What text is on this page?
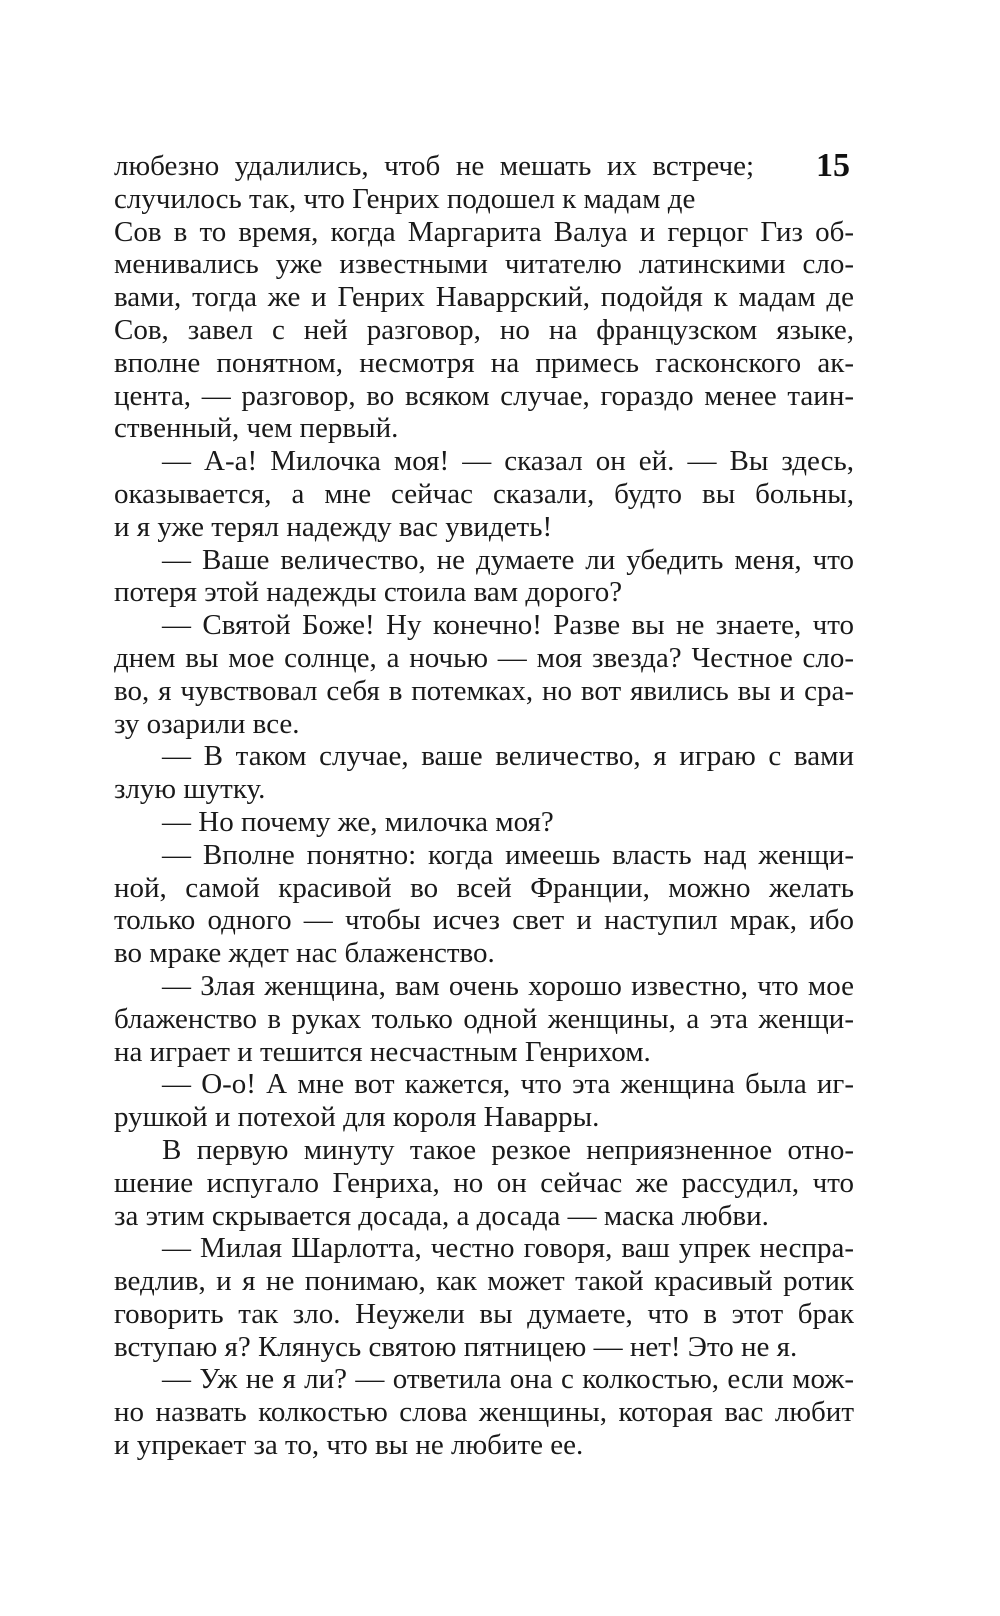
15
любезно удалились, чтоб не мешать их встрече;
случилось так, что Генрих подошел к мадам де
Сов в то время, когда Маргарита Валуа и герцог Гиз об-
менивались уже известными читателю латинскими сло-
вами, тогда же и Генрих Наваррский, подойдя к мадам де
Сов, завел с ней разговор, но на французском языке,
вполне понятном, несмотря на примесь гасконского ак-
цента, — разговор, во всяком случае, гораздо менее таин-
ственный, чем первый.
— А-а! Милочка моя! — сказал он ей. — Вы здесь,
оказывается, а мне сейчас сказали, будто вы больны,
и я уже терял надежду вас увидеть!
— Ваше величество, не думаете ли убедить меня, что
потеря этой надежды стоила вам дорого?
— Святой Боже! Ну конечно! Разве вы не знаете, что
днем вы мое солнце, а ночью — моя звезда? Честное сло-
во, я чувствовал себя в потемках, но вот явились вы и сра-
зу озарили все.
— В таком случае, ваше величество, я играю с вами
злую шутку.
— Но почему же, милочка моя?
— Вполне понятно: когда имеешь власть над женщи-
ной, самой красивой во всей Франции, можно желать
только одного — чтобы исчез свет и наступил мрак, ибо
во мраке ждет нас блаженство.
— Злая женщина, вам очень хорошо известно, что мое
блаженство в руках только одной женщины, а эта женщи-
на играет и тешится несчастным Генрихом.
— О-о! А мне вот кажется, что эта женщина была иг-
рушкой и потехой для короля Наварры.
В первую минуту такое резкое неприязненное отно-
шение испугало Генриха, но он сейчас же рассудил, что
за этим скрывается досада, а досада — маска любви.
— Милая Шарлотта, честно говоря, ваш упрек неспра-
ведлив, и я не понимаю, как может такой красивый ротик
говорить так зло. Неужели вы думаете, что в этот брак
вступаю я? Клянусь святою пятницею — нет! Это не я.
— Уж не я ли? — ответила она с колкостью, если мож-
но назвать колкостью слова женщины, которая вас любит
и упрекает за то, что вы не любите ее.
